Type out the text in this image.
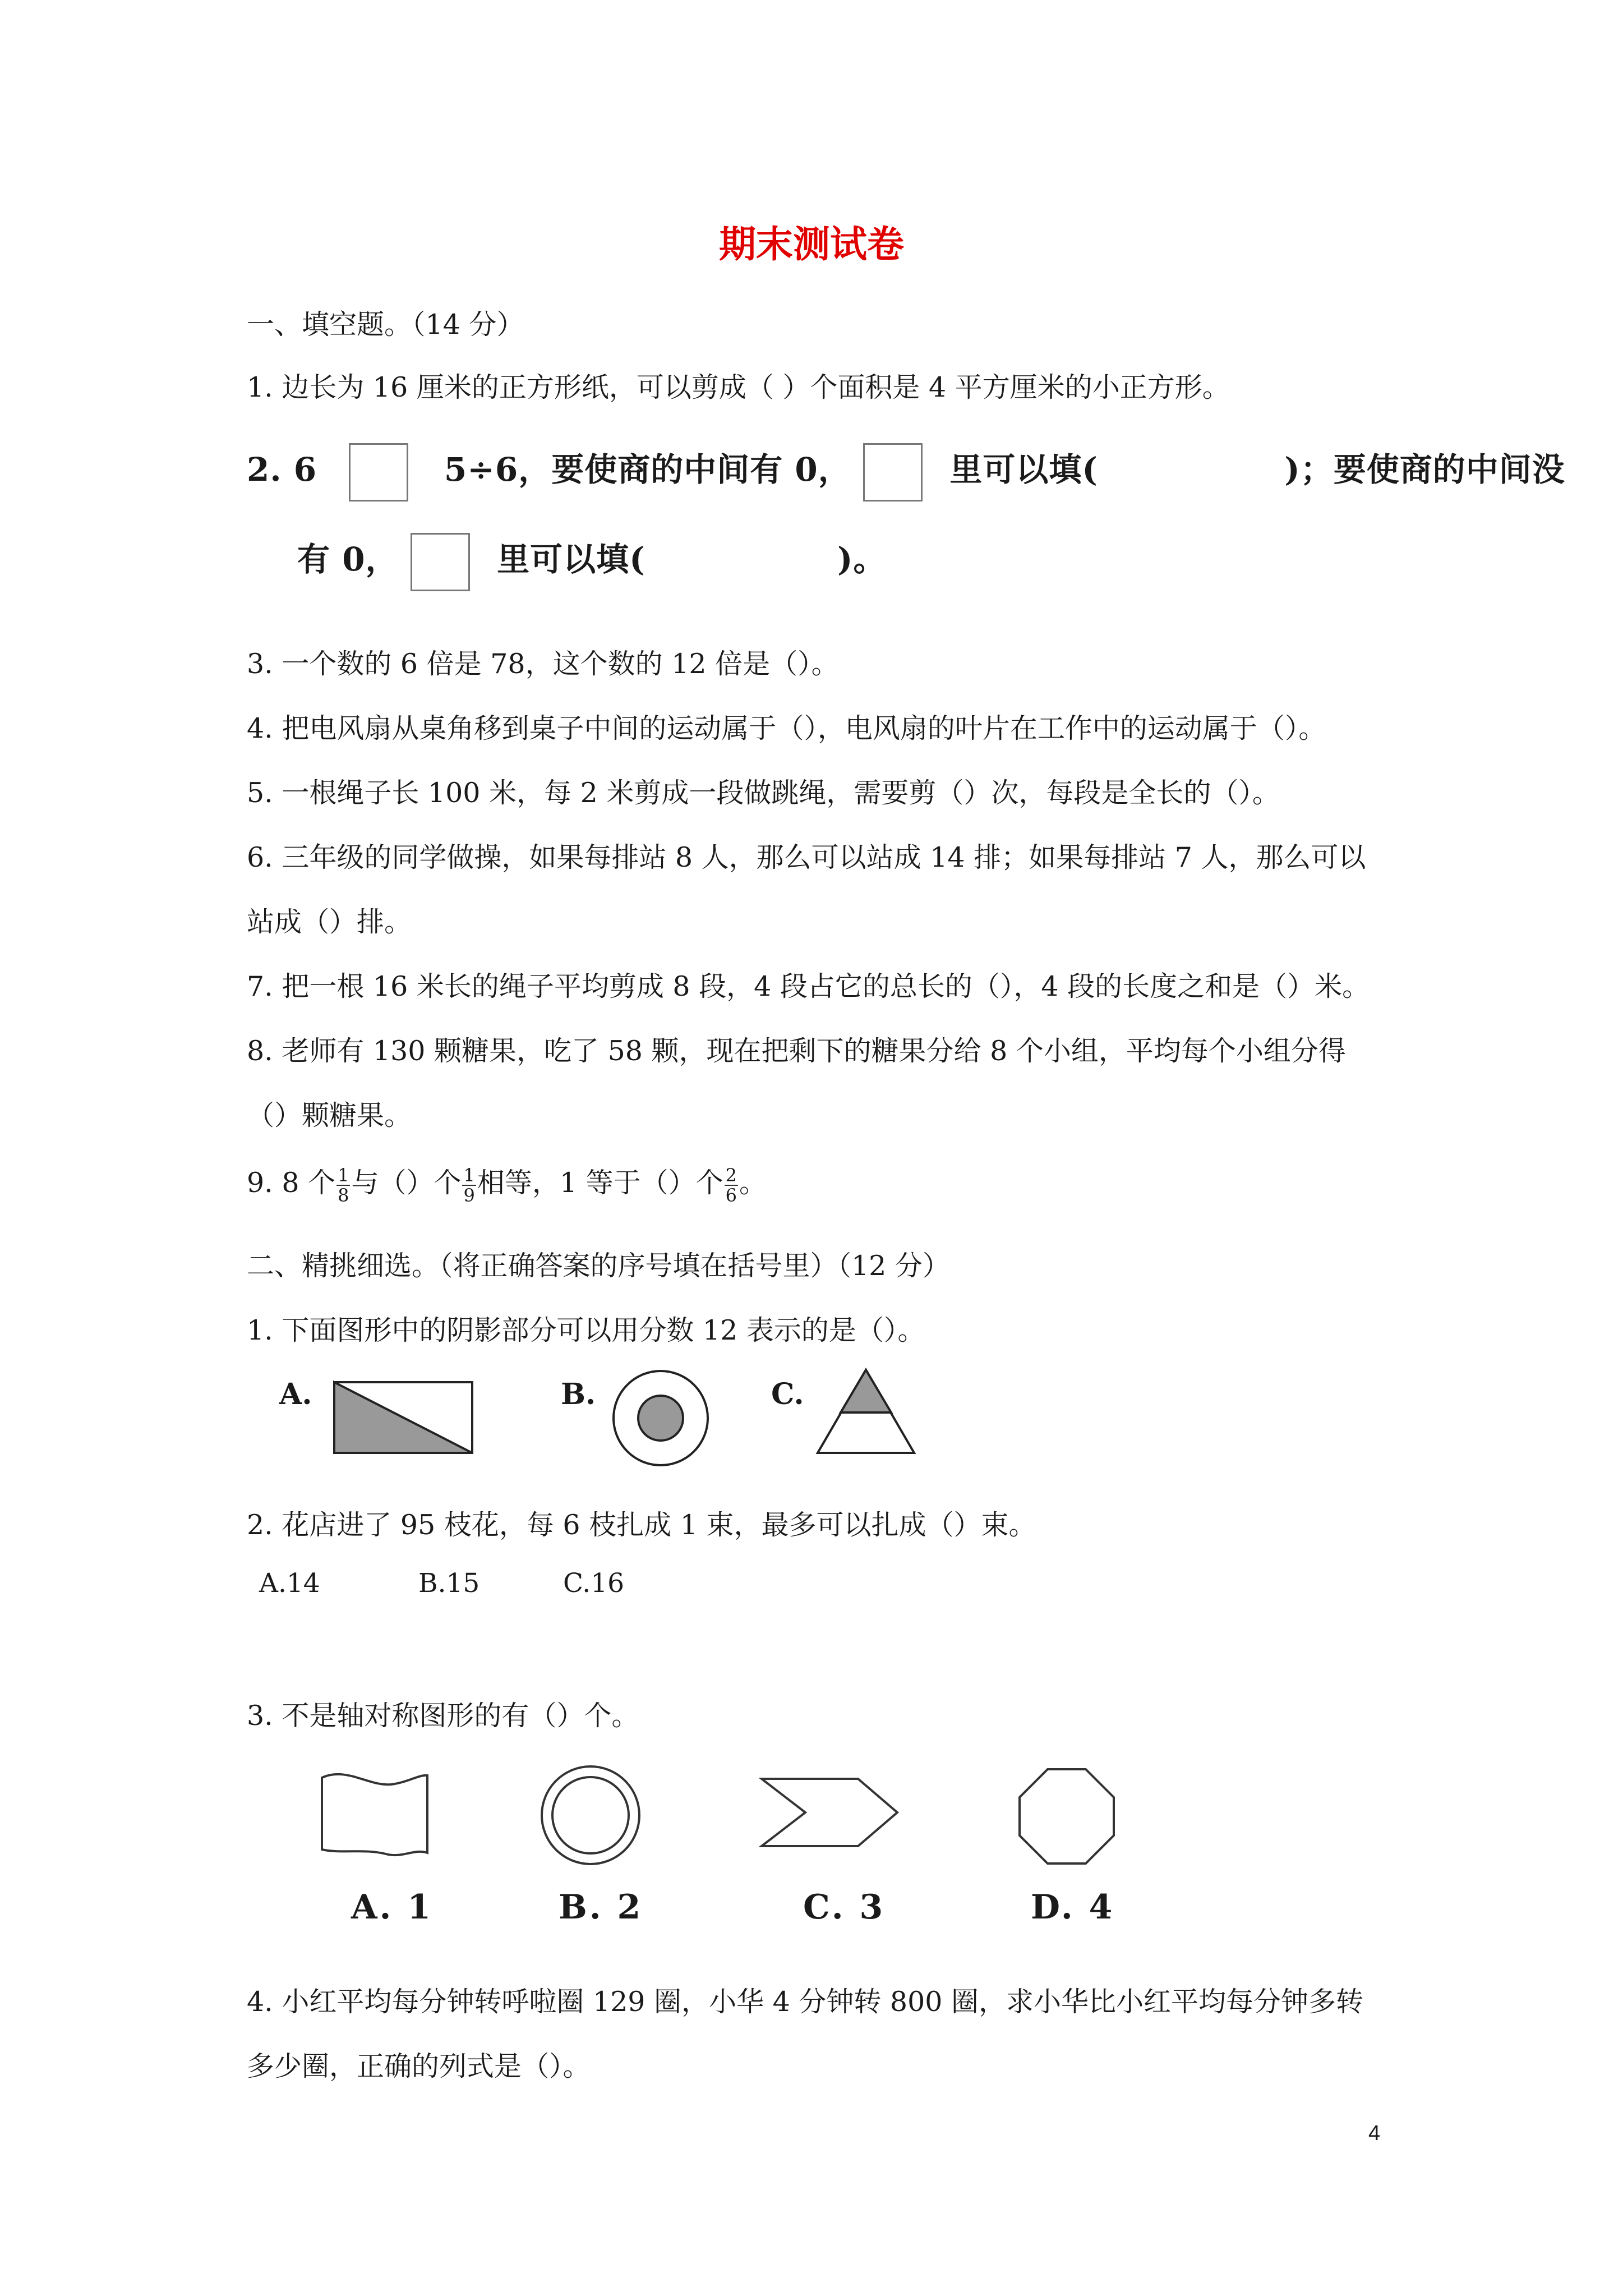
期末测试卷
一、填空题。（14 分）
1. 边长为 16 厘米的正方形纸，可以剪成（ ）个面积是 4 平方厘米的小正方形。
2. 6	5÷6，要使商的中间有 0，	里可以填(	)；要使商的中间没
有 0，	里可以填(	)。
3. 一个数的 6 倍是 78，这个数的 12 倍是（）。
4. 把电风扇从桌角移到桌子中间的运动属于（），电风扇的叶片在工作中的运动属于（）。
5. 一根绳子长 100 米，每 2 米剪成一段做跳绳，需要剪（）次，每段是全长的（）。
6. 三年级的同学做操，如果每排站 8 人，那么可以站成 14 排；如果每排站 7 人，那么可以
站成（）排。
7. 把一根 16 米长的绳子平均剪成 8 段，4 段占它的总长的（），4 段的长度之和是（）米。
8. 老师有 130 颗糖果，吃了 58 颗，现在把剩下的糖果分给 8 个小组，平均每个小组分得
（）颗糖果。
9. 8 个 $\frac{1}{8}$ 与（）个 $\frac{1}{9}$ 相等，1 等于（）个 $\frac{2}{6}$ 。
二、精挑细选。（将正确答案的序号填在括号里）（12 分）
1. 下面图形中的阴影部分可以用分数 12 表示的是（）。
A.	B.	C.
2. 花店进了 95 枝花，每 6 枝扎成 1 束，最多可以扎成（）束。
A.14	B.15	C.16
3. 不是轴对称图形的有（）个。
A. 1	B. 2	C. 3	D. 4
4. 小红平均每分钟转呼啦圈 129 圈，小华 4 分钟转 800 圈，求小华比小红平均每分钟多转
多少圈，正确的列式是（）。
4
